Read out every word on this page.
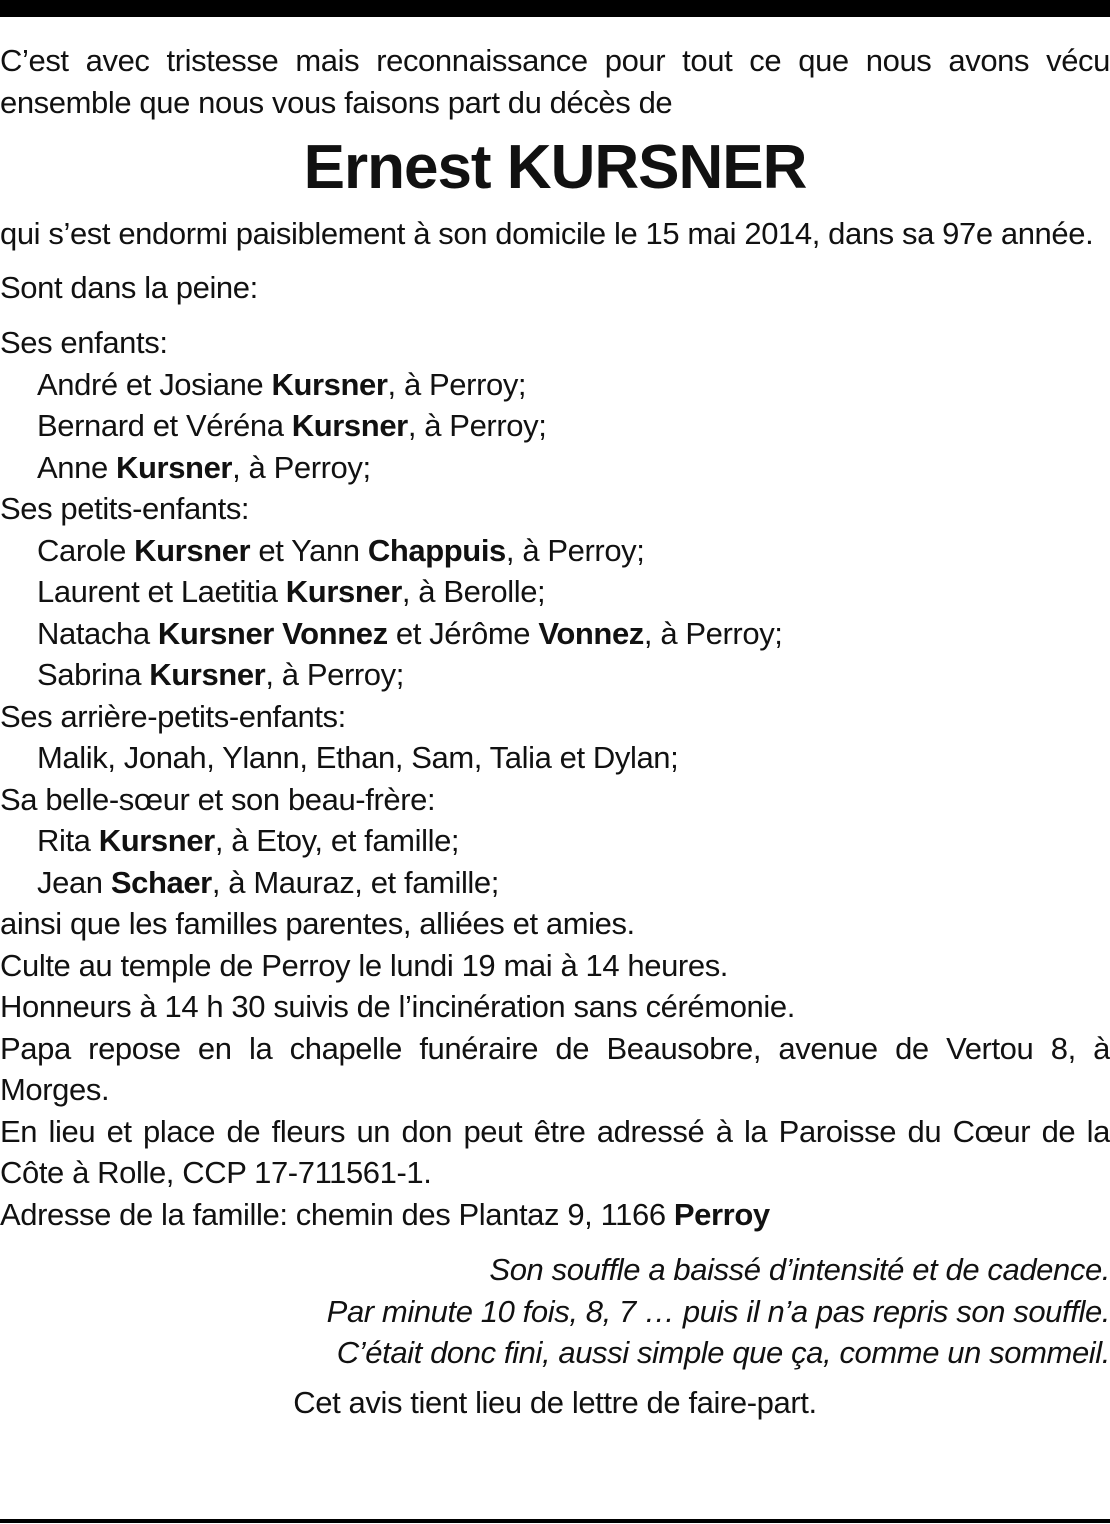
C’est avec tristesse mais reconnaissance pour tout ce que nous avons vécu ensemble que nous vous faisons part du décès de

Ernest KURSNER

qui s’est endormi paisiblement à son domicile le 15 mai 2014, dans sa 97e année.

Sont dans la peine:

Ses enfants:

André et Josiane Kursner, à Perroy;

Bernard et Véréna Kursner, à Perroy;

Anne Kursner, à Perroy;

Ses petits-enfants:

Carole Kursner et Yann Chappuis, à Perroy;

Laurent et Laetitia Kursner, à Berolle;

Natacha Kursner Vonnez et Jérôme Vonnez, à Perroy;

Sabrina Kursner, à Perroy;

Ses arrière-petits-enfants:

Malik, Jonah, Ylann, Ethan, Sam, Talia et Dylan;

Sa belle-sœur et son beau-frère:

Rita Kursner, à Etoy, et famille;

Jean Schaer, à Mauraz, et famille;

ainsi que les familles parentes, alliées et amies.

Culte au temple de Perroy le lundi 19 mai à 14 heures.

Honneurs à 14 h 30 suivis de l’incinération sans cérémonie.

Papa repose en la chapelle funéraire de Beausobre, avenue de Vertou 8, à Morges.

En lieu et place de fleurs un don peut être adressé à la Paroisse du Cœur de la Côte à Rolle, CCP 17-711561-1.

Adresse de la famille: chemin des Plantaz 9, 1166 Perroy

Son souffle a baissé d’intensité et de cadence.

Par minute 10 fois, 8, 7 … puis il n’a pas repris son souffle.

C’était donc fini, aussi simple que ça, comme un sommeil.

Cet avis tient lieu de lettre de faire-part.
